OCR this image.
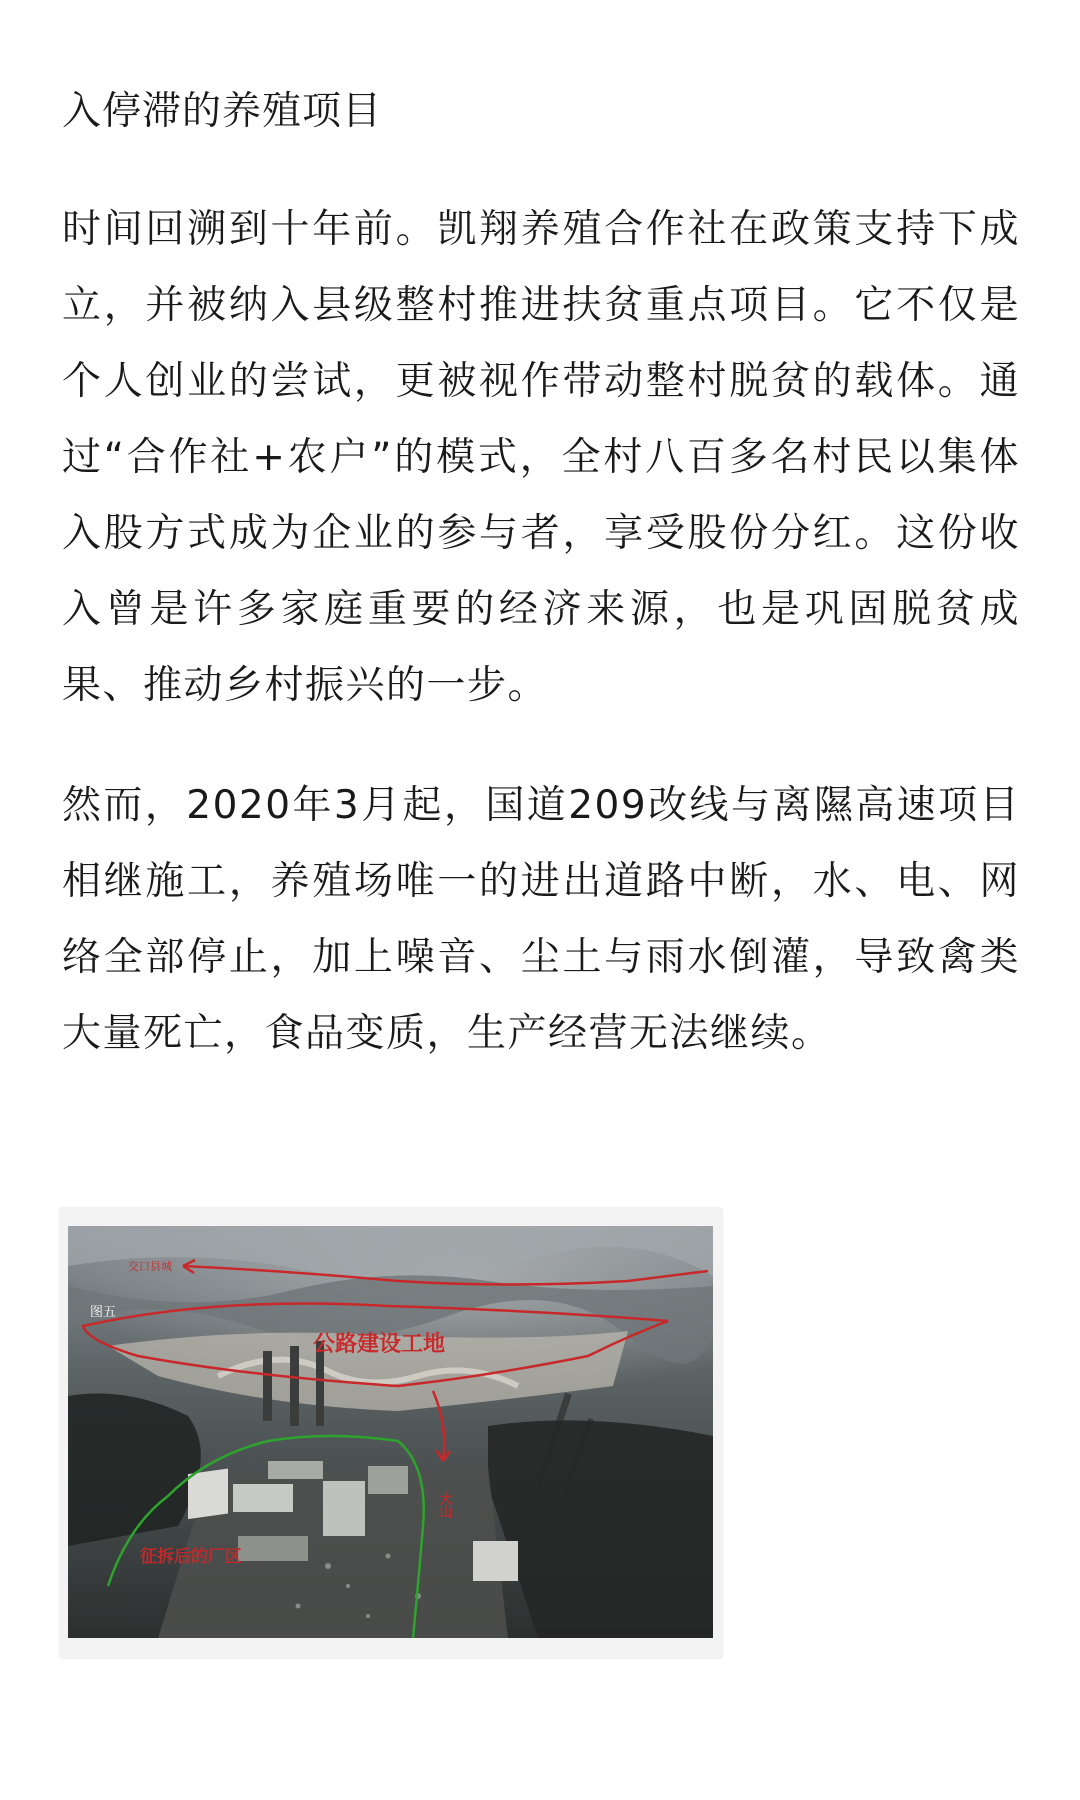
入停滞的养殖项目

时间回溯到十年前。凯翔养殖合作社在政策支持下成立，并被纳入县级整村推进扶贫重点项目。它不仅是个人创业的尝试，更被视作带动整村脱贫的载体。通过“合作社+农户”的模式，全村八百多名村民以集体入股方式成为企业的参与者，享受股份分红。这份收入曾是许多家庭重要的经济来源，也是巩固脱贫成果、推动乡村振兴的一步。

然而，2020年3月起，国道209改线与离隰高速项目相继施工，养殖场唯一的进出道路中断，水、电、网络全部停止，加上噪音、尘土与雨水倒灌，导致禽类大量死亡，食品变质，生产经营无法继续。

交口县城
图五
公路建设工地
大山
征拆后的厂区
